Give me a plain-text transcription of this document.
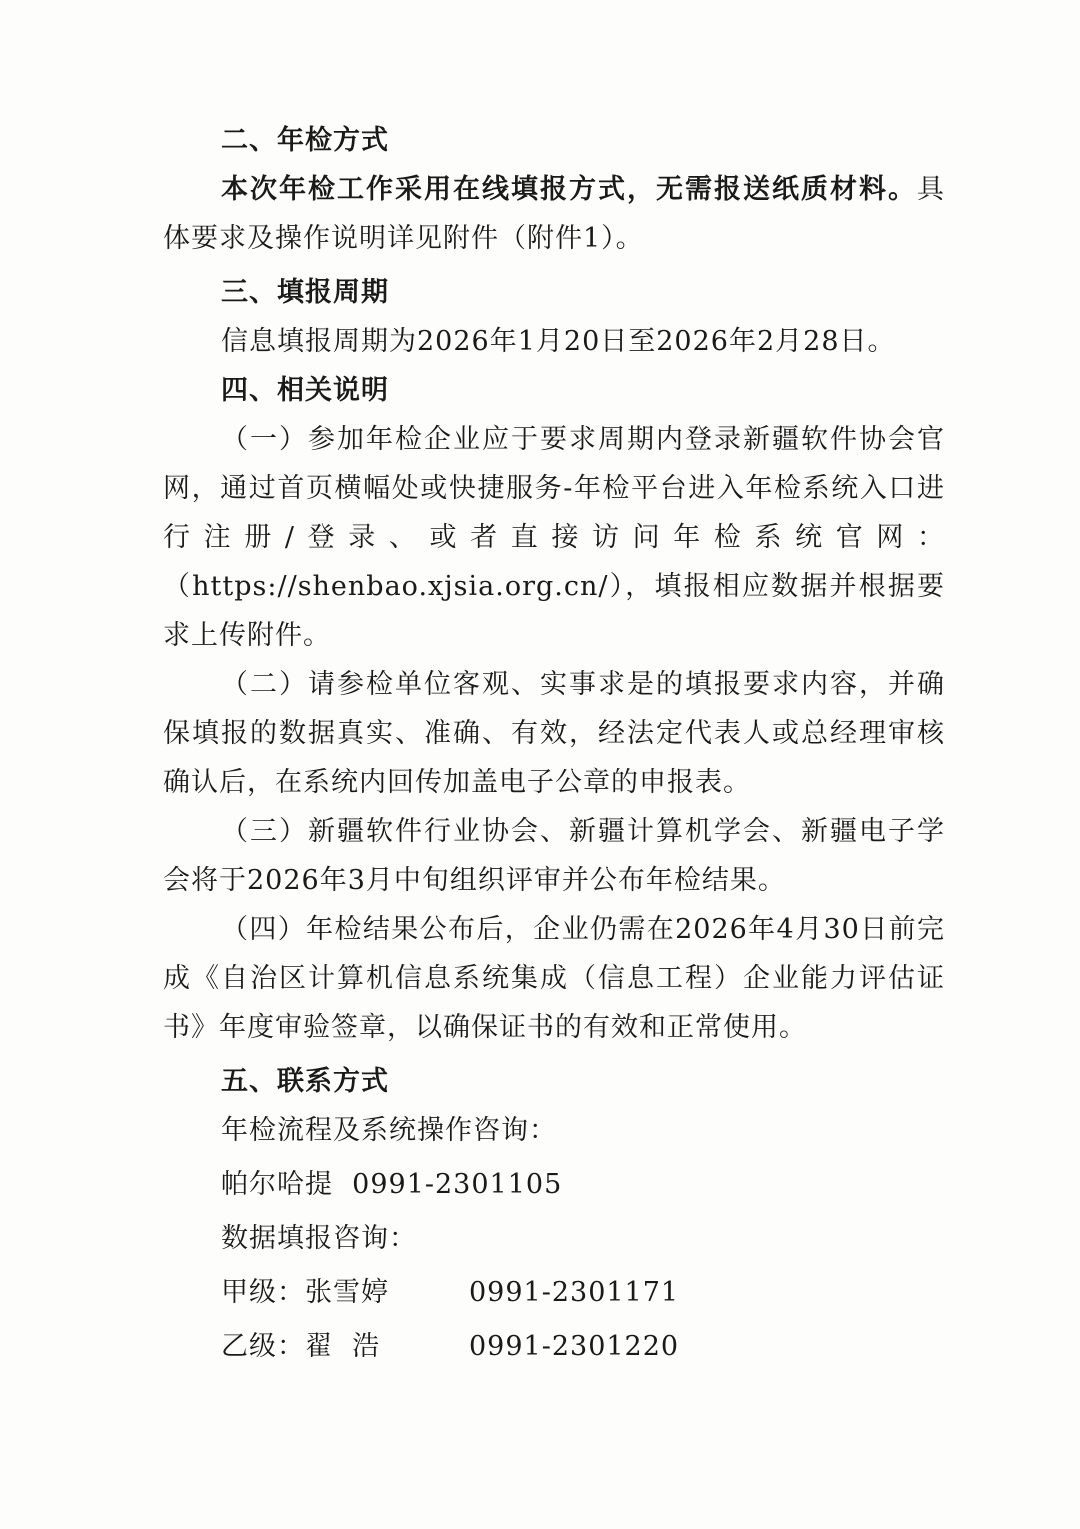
二、年检方式

本次年检工作采用在线填报方式，无需报送纸质材料。具体要求及操作说明详见附件（附件1）。

三、填报周期

信息填报周期为2026年1月20日至2026年2月28日。

四、相关说明

（一）参加年检企业应于要求周期内登录新疆软件协会官网，通过首页横幅处或快捷服务-年检平台进入年检系统入口进行注册/登录、或者直接访问年检系统官网：（https://shenbao.xjsia.org.cn/），填报相应数据并根据要求上传附件。

（二）请参检单位客观、实事求是的填报要求内容，并确保填报的数据真实、准确、有效，经法定代表人或总经理审核确认后，在系统内回传加盖电子公章的申报表。

（三）新疆软件行业协会、新疆计算机学会、新疆电子学会将于2026年3月中旬组织评审并公布年检结果。

（四）年检结果公布后，企业仍需在2026年4月30日前完成《自治区计算机信息系统集成（信息工程）企业能力评估证书》年度审验签章，以确保证书的有效和正常使用。

五、联系方式

年检流程及系统操作咨询：

帕尔哈提  0991-2301105

数据填报咨询：

甲级：张雪婷	0991-2301171
乙级：翟  浩	0991-2301220
